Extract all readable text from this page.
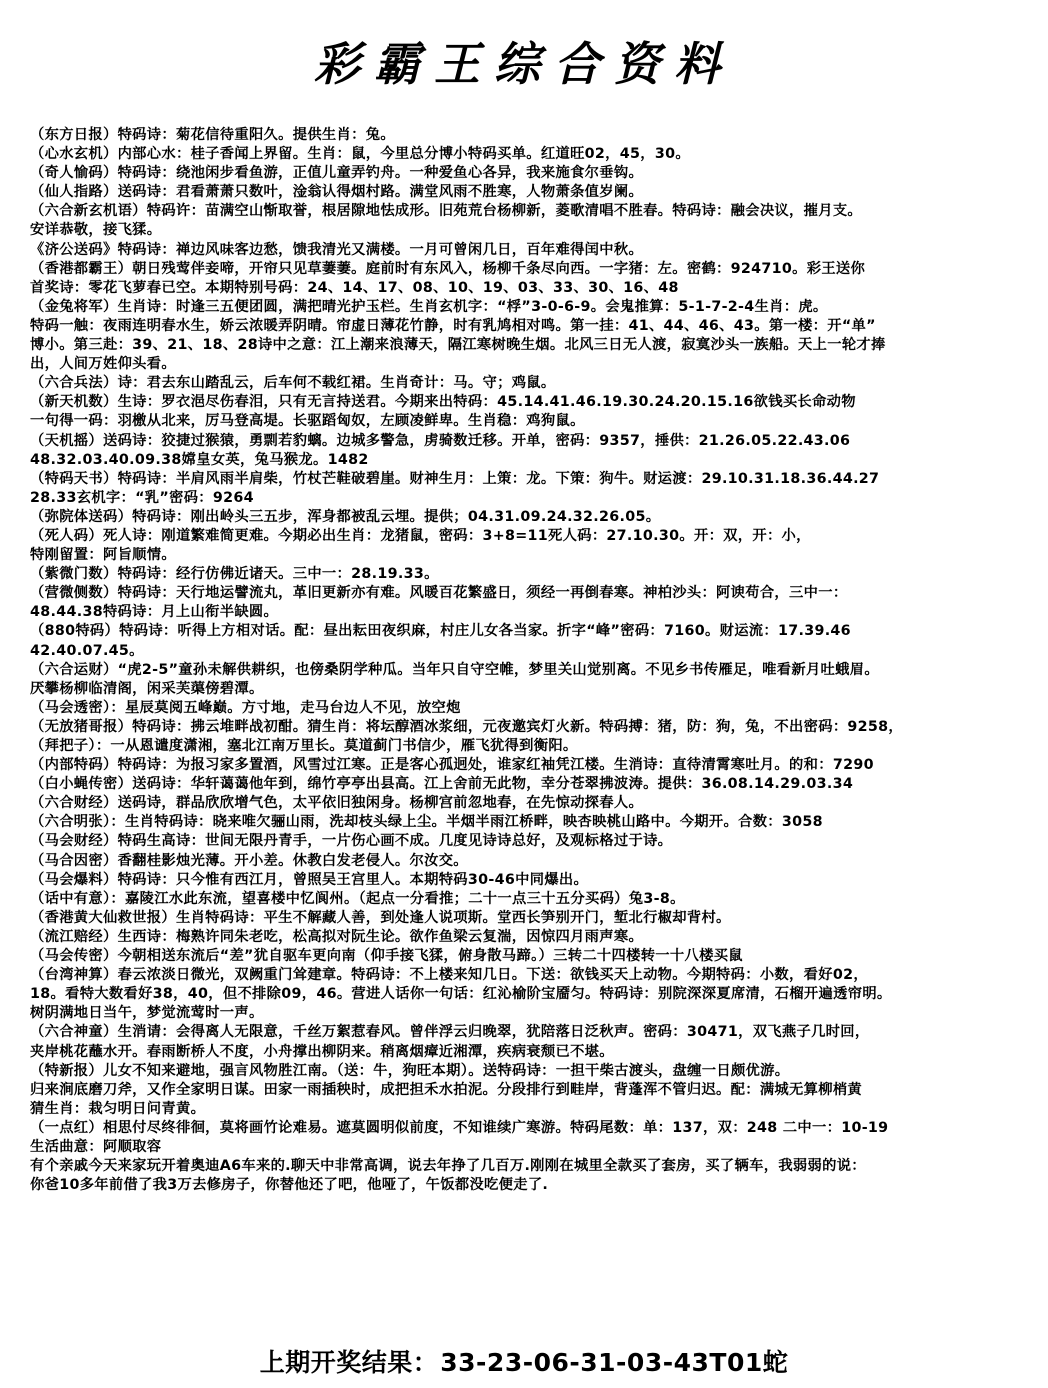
彩霸王综合资料
（东方日报）特码诗：菊花信待重阳久。提供生肖：兔。
（心水玄机）内部心水：桂子香闻上界留。生肖：鼠，今里总分博小特码买单。红道旺02，45，30。
（奇人愉码）特码诗：绕池闲步看鱼游，正值儿童弄钓舟。一种爱鱼心各异，我来施食尔垂钩。
（仙人指路）送码诗：君看萧萧只数叶，淦翁认得烟村路。满堂风雨不胜寒，人物萧条值岁阑。
（六合新玄机语）特码许：苗满空山惭取誉，根居隙地怯成形。旧苑荒台杨柳新，菱歌清唱不胜春。特码诗：融会决议，摧月支。
安详恭敬，接飞猱。
《济公送码》特码诗：禅边风味客边愁，馈我清光又满楼。一月可曾闲几日，百年难得闰中秋。
（香港都霸王）朝日残莺伴妾啼，开帘只见草萋萋。庭前时有东风入，杨柳千条尽向西。一字猪：左。密鹤：924710。彩王送你
首奖诗：零花飞萝春已空。本期特别号码：24、14、17、08、10、19、03、33、30、16、48
（金兔将军）生肖诗：时逢三五便团圆，满把晴光护玉栏。生肖玄机字：“桴”3-0-6-9。会鬼推算：5-1-7-2-4生肖：虎。
特码一触：夜雨连明春水生，娇云浓暖弄阴晴。帘虚日薄花竹静，时有乳鸠相对鸣。第一挂：41、44、46、43。第一楼：开“单”
博小。第三赴：39、21、18、28诗中之意：江上潮来浪薄天，隔江寒树晚生烟。北风三日无人渡，寂寞沙头一族船。天上一轮才捧
出，人间万姓仰头看。
（六合兵法）诗：君去东山踏乱云，后车何不载红裙。生肖奇计：马。守；鸡鼠。
（新天机数）生诗：罗衣浥尽伤春泪，只有无言持送君。今期来出特码：45.14.41.46.19.30.24.20.15.16欲钱买长命动物
一句得一码：羽檄从北来，厉马登高堤。长驱蹈匈奴，左顾凌鲜卑。生肖稳：鸡狗鼠。
（天机摇）送码诗：狡捷过猴猿，勇剽若豹螭。边城多警急，虏骑数迁移。开单，密码：9357，捶供：21.26.05.22.43.06
48.32.03.40.09.38嫦皇女英，兔马猴龙。1482
（特码天书）特码诗：半肩风雨半肩柴，竹杖芒鞋破碧崖。财神生月：上策：龙。下策：狗牛。财运渡：29.10.31.18.36.44.27
28.33玄机字：“乳”密码：9264
（弥院体送码）特码诗：刚出岭头三五步，浑身都被乱云埋。提供；04.31.09.24.32.26.05。
（死人码）死人诗：刚道繁难简更难。今期必出生肖：龙猪鼠，密码：3+8=11死人码：27.10.30。开：双，开：小，
特刚留置：阿旨顺情。
（紫微门数）特码诗：经行仿佛近诸天。三中一：28.19.33。
（营微侧数）特码诗：天行地运譬流丸，革旧更新亦有难。风暖百花繁盛日，须经一再倒春寒。神柏沙头：阿谀苟合，三中一：
48.44.38特码诗：月上山衔半缺圆。
（880特码）特码诗：听得上方相对话。配：昼出耘田夜织麻，村庄儿女各当家。折字“峰”密码：7160。财运流：17.39.46
42.40.07.45。
（六合运财）“虎2-5”童孙未解供耕织，也傍桑阴学种瓜。当年只自守空帷，梦里关山觉别离。不见乡书传雁足，唯看新月吐蛾眉。
厌攀杨柳临清阁，闲采芙蕖傍碧潭。
（马会透密）：星辰莫阅五峰巅。方寸地，走马台边人不见，放空炮
（无放猪哥报）特码诗：拂云堆畔战初酣。猜生肖：将坛醇酒冰浆细，元夜邀宾灯火新。特码搏：猪，防：狗，兔，不出密码：9258，
（拜把子）：一从恩谴度潇湘，塞北江南万里长。莫道蓟门书信少，雁飞犹得到衡阳。
（内部特码）特码诗：为报习家多置酒，风雪过江寒。正是客心孤迥处，谁家红袖凭江楼。生消诗：直待清霄寒吐月。的和：7290
（白小蝇传密）送码诗：华轩蔼蔼他年到，绵竹亭亭出县高。江上舍前无此物，幸分苍翠拂波涛。提供：36.08.14.29.03.34
（六合财经）送码诗，群品欣欣增气色，太平依旧独闲身。杨柳宫前忽地春，在先惊动探春人。
（六合明张）：生肖特码诗：晓来唯欠骊山雨，洗却枝头绿上尘。半烟半雨江桥畔，映杏映桃山路中。今期开。合数：3058
（马会财经）特码生高诗：世间无限丹青手，一片伤心画不成。几度见诗诗总好，及观标格过于诗。
（马合因密）香翻桂影烛光薄。开小差。休教白发老侵人。尔汝交。
（马会爆料）特码诗：只今惟有西江月，曾照吴王宫里人。本期特码30-46中同爆出。
（话中有意）：嘉陵江水此东流，望喜楼中忆阆州。（起点一分看推；二十一点三十五分买码）兔3-8。
（香港黄大仙救世报）生肖特码诗：平生不解藏人善，到处逢人说项斯。堂西长笋别开门，堑北行椒却背村。
（流江赔经）生西诗：梅熟许同朱老吃，松高拟对阮生论。欲作鱼梁云复湍，因惊四月雨声寒。
（马会传密）今朝相送东流后“差”犹自驱车更向南（仰手接飞猱，俯身散马蹄。）三转二十四楼转一十八楼买鼠
（台湾神算）春云浓淡日微光，双阙重门耸建章。特码诗：不上楼来知几日。下送：欲钱买天上动物。今期特码：小数，看好02，
18。看特大数看好38，40，但不排除09，46。营进人话你一句话：红沁榆阶宝靥匀。特码诗：别院深深夏席清，石榴开遍透帘明。
树阴满地日当午，梦觉流莺时一声。
（六合神童）生消请：会得离人无限意，千丝万絮惹春风。曾伴浮云归晚翠，犹陪落日泛秋声。密码：30471，双飞燕子几时回，
夹岸桃花蘸水开。春雨断桥人不度，小舟撑出柳阴来。稍离烟瘴近湘潭，疾病衰颓已不堪。
（特新报）儿女不知来避地，强言风物胜江南。（送：牛，狗旺本期）。送特码诗：一担干柴古渡头，盘缠一日颇优游。
归来涧底磨刀斧，又作全家明日谋。田家一雨插秧时，成把担禾水拍泥。分段排行到畦岸，背蓬浑不管归迟。配：满城无算柳梢黄
猜生肖：栽匀明日问青黄。
（一点红）相思付尽终徘徊，莫将画竹论难易。遮莫圆明似前度，不知谁续广寒游。特码尾数：单：137，双：248 二中一：10-19
生活曲意：阿顺取容
有个亲戚今天来家玩开着奥迪A6车来的.聊天中非常高调，说去年挣了几百万.刚刚在城里全款买了套房，买了辆车，我弱弱的说：
你爸10多年前借了我3万去修房子，你替他还了吧，他哑了，午饭都没吃便走了.
上期开奖结果：33-23-06-31-03-43T01蛇
